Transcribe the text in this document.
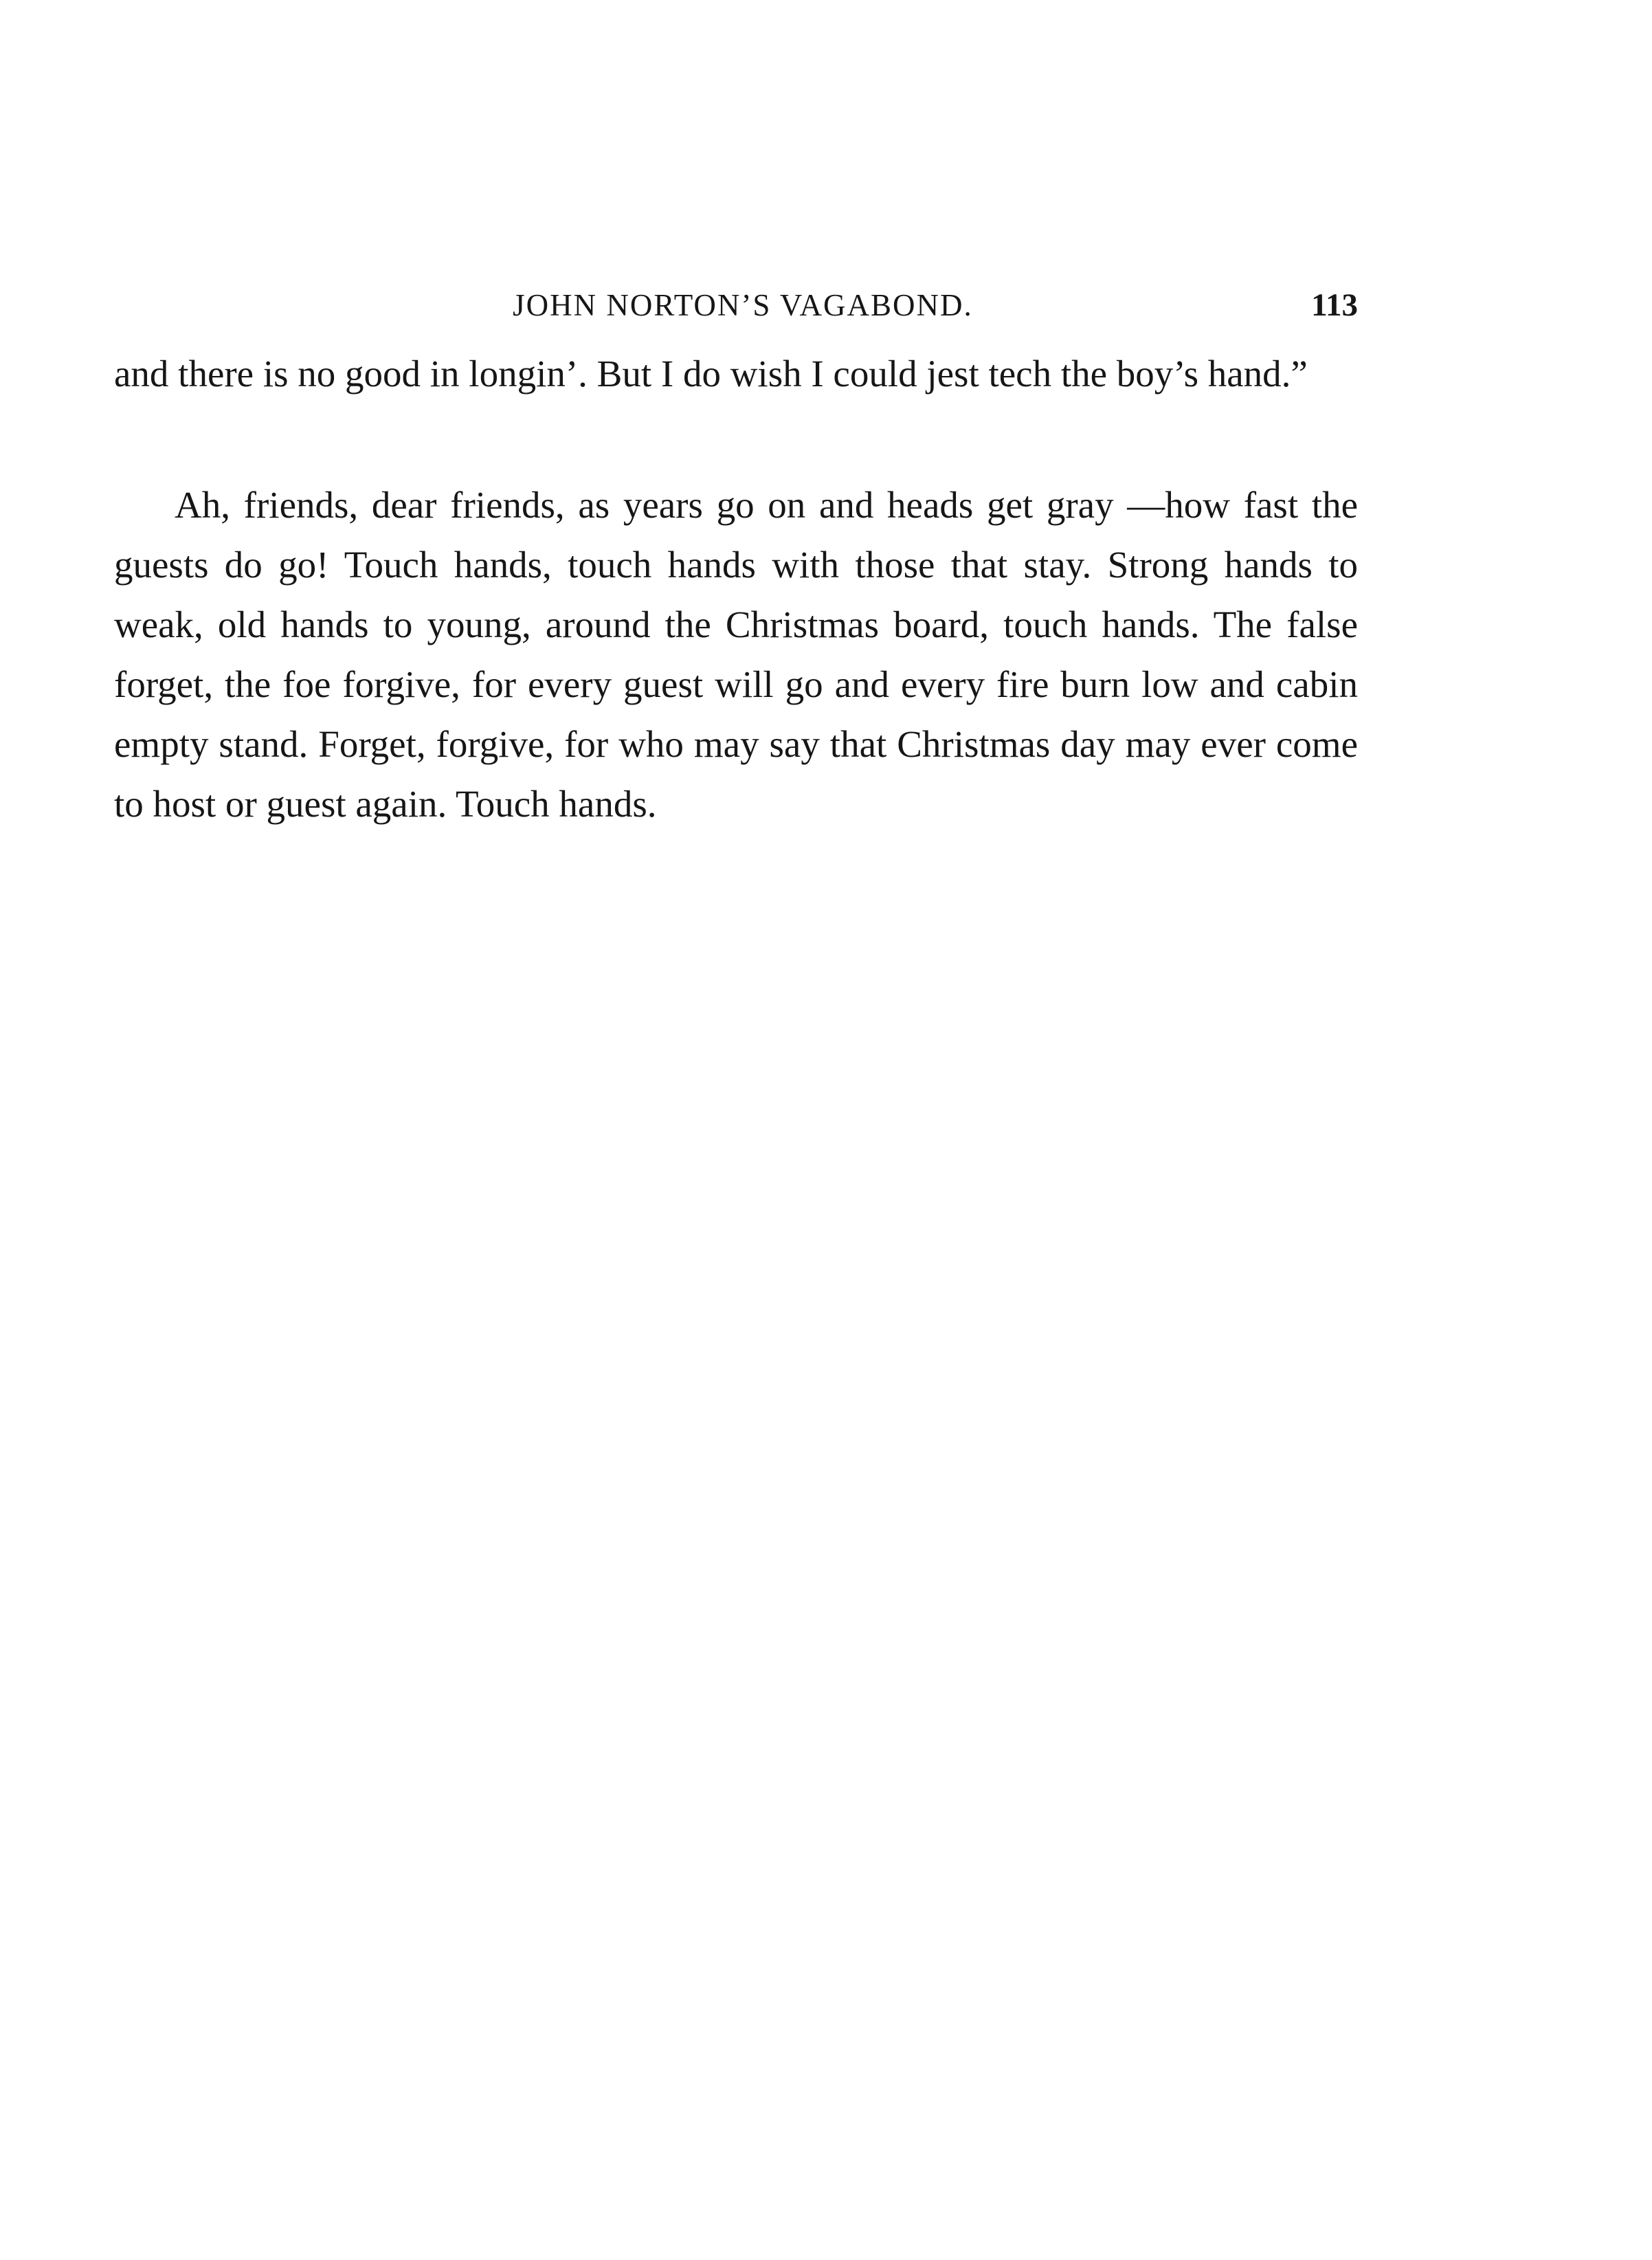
JOHN NORTON’S VAGABOND.	113

and there is no good in longin’. But I do wish I could jest tech the boy’s hand.”

Ah, friends, dear friends, as years go on and heads get gray —how fast the guests do go! Touch hands, touch hands with those that stay. Strong hands to weak, old hands to young, around the Christmas board, touch hands. The false forget, the foe forgive, for every guest will go and every fire burn low and cabin empty stand. Forget, forgive, for who may say that Christmas day may ever come to host or guest again. Touch hands.
